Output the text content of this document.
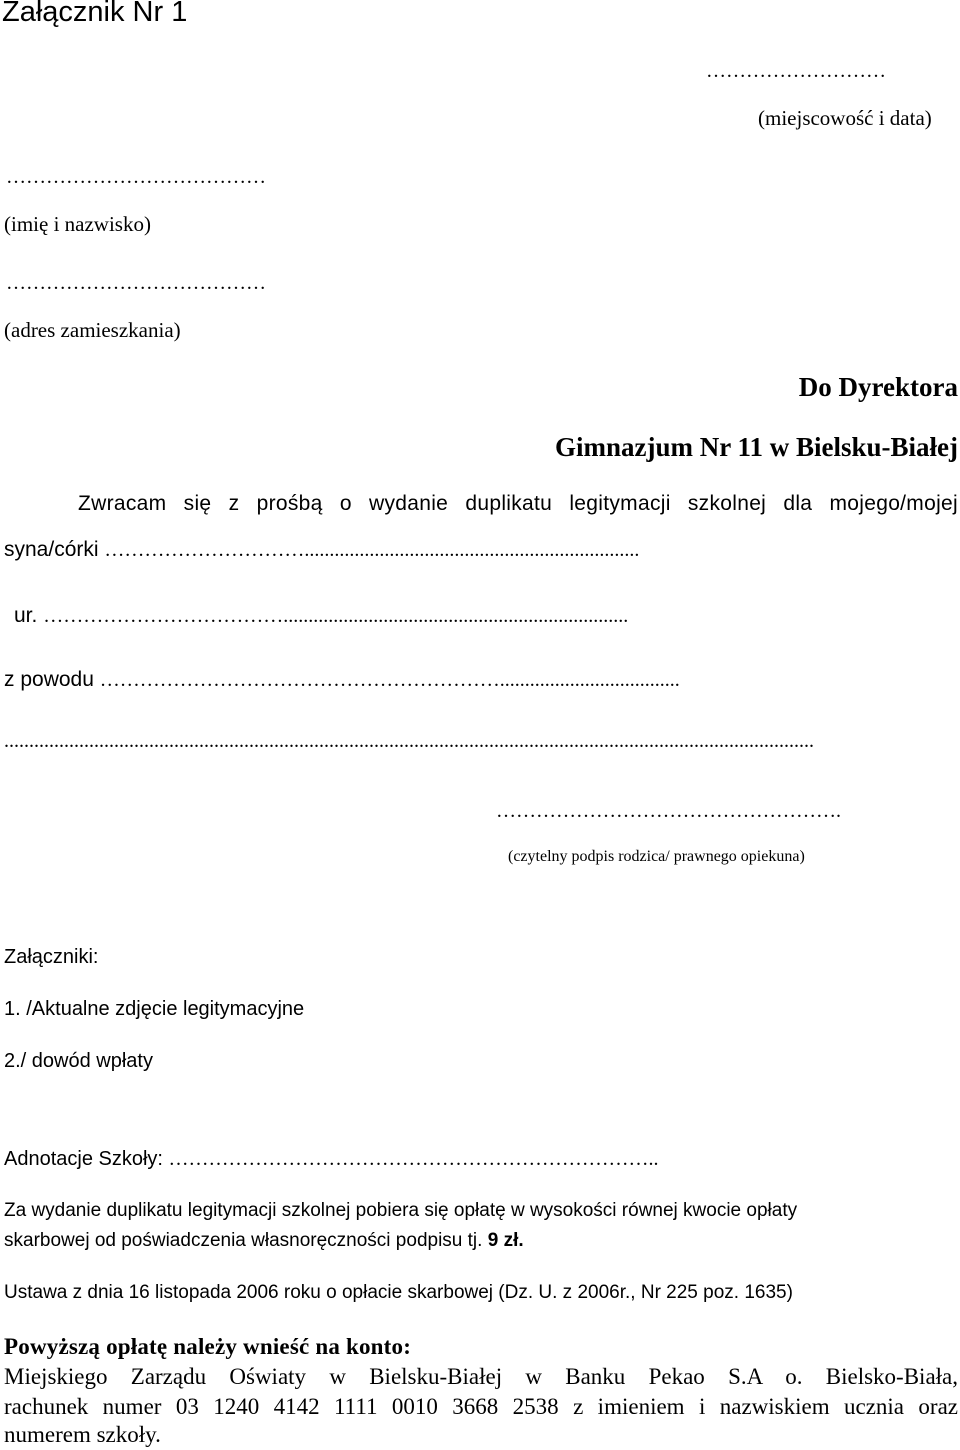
Załącznik Nr 1
………………………
(miejscowość i data)
…………………………………
(imię i nazwisko)
…………………………………
(adres zamieszkania)
Do Dyrektora
Gimnazjum Nr 11 w Bielsku-Białej
Zwracam się z prośbą o wydanie duplikatu legitymacji szkolnej dla mojego/mojej
syna/córki …………………………...................................................................
ur. ……………………………….....................................................................
z powodu ……………………………………………………....................................
..................................................................................................................................................................
…………………………………………….
(czytelny podpis rodzica/ prawnego opiekuna)
Załączniki:
1. /Aktualne zdjęcie legitymacyjne
2./ dowód wpłaty
Adnotacje Szkoły: ………………………………………………………………..
Za wydanie duplikatu legitymacji szkolnej pobiera się opłatę w wysokości równej kwocie opłaty
skarbowej od poświadczenia własnoręczności podpisu tj. 9 zł.
Ustawa z dnia 16 listopada 2006 roku o opłacie skarbowej (Dz. U. z 2006r., Nr 225 poz. 1635)
Powyższą opłatę należy wnieść na konto:
Miejskiego Zarządu Oświaty w Bielsku-Białej w Banku Pekao S.A o. Bielsko-Biała,
rachunek numer 03 1240 4142 1111 0010 3668 2538 z imieniem i nazwiskiem ucznia oraz
numerem szkoły.
